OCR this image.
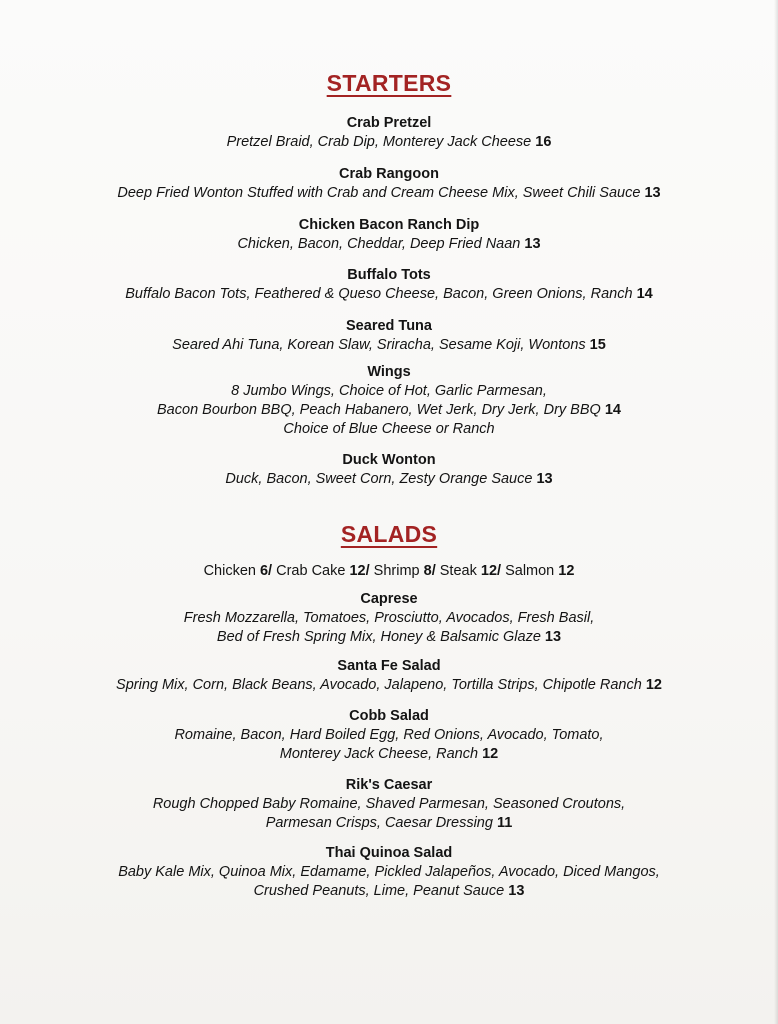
STARTERS
Crab Pretzel
Pretzel Braid, Crab Dip, Monterey Jack Cheese 16
Crab Rangoon
Deep Fried Wonton Stuffed with Crab and Cream Cheese Mix, Sweet Chili Sauce 13
Chicken Bacon Ranch Dip
Chicken, Bacon, Cheddar, Deep Fried Naan 13
Buffalo Tots
Buffalo Bacon Tots, Feathered & Queso Cheese, Bacon, Green Onions, Ranch 14
Seared Tuna
Seared Ahi Tuna, Korean Slaw, Sriracha, Sesame Koji, Wontons 15
Wings
8 Jumbo Wings, Choice of Hot, Garlic Parmesan,
Bacon Bourbon BBQ, Peach Habanero, Wet Jerk, Dry Jerk, Dry BBQ 14
Choice of Blue Cheese or Ranch
Duck Wonton
Duck, Bacon, Sweet Corn, Zesty Orange Sauce 13
SALADS
Chicken 6/ Crab Cake 12/ Shrimp 8/ Steak 12/ Salmon 12
Caprese
Fresh Mozzarella, Tomatoes, Prosciutto, Avocados, Fresh Basil,
Bed of Fresh Spring Mix, Honey & Balsamic Glaze 13
Santa Fe Salad
Spring Mix, Corn, Black Beans, Avocado, Jalapeno, Tortilla Strips, Chipotle Ranch 12
Cobb Salad
Romaine, Bacon, Hard Boiled Egg, Red Onions, Avocado, Tomato,
Monterey Jack Cheese, Ranch 12
Rik's Caesar
Rough Chopped Baby Romaine, Shaved Parmesan, Seasoned Croutons,
Parmesan Crisps, Caesar Dressing 11
Thai Quinoa Salad
Baby Kale Mix, Quinoa Mix, Edamame, Pickled Jalapeños, Avocado, Diced Mangos,
Crushed Peanuts, Lime, Peanut Sauce 13
